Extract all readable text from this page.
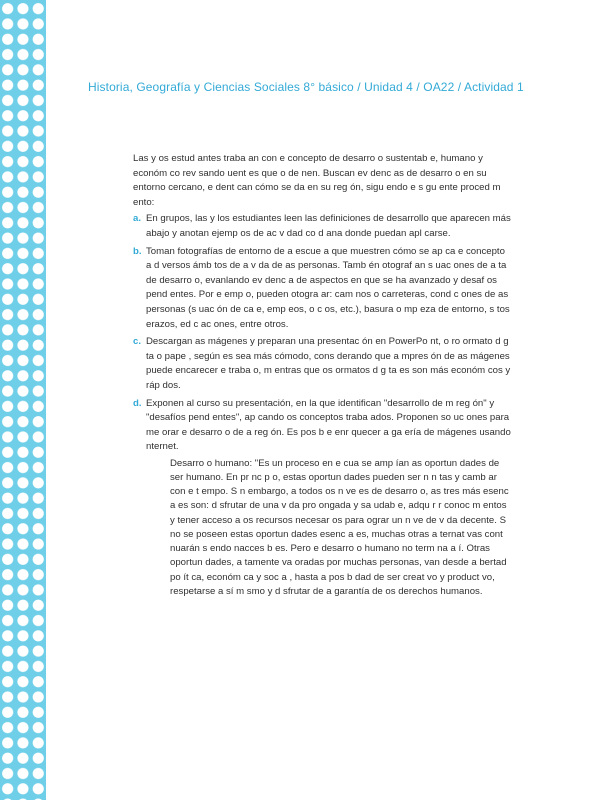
Historia, Geografía y Ciencias Sociales 8° básico / Unidad 4 / OA22 / Actividad 1

Las y os estud antes traba an con e concepto de desarro o sustentab e, humano y económ co rev sando uent es que o de nen. Buscan ev denc as de desarro o en su entorno cercano, e dent can cómo se da en su reg ón, sigu endo e s gu ente proced m ento:

a. En grupos, las y los estudiantes leen las definiciones de desarrollo que aparecen más abajo y anotan ejemp os de ac v dad co d ana donde puedan apl carse.
b. Toman fotografías de entorno de a escue a que muestren cómo se ap ca e concepto a d versos ámb tos de a v da de as personas. Tamb én otograf an s uac ones de a ta de desarro o, evanlando ev denc a de aspectos en que se ha avanzado y desaf os pend entes. Por e emp o, pueden otogra ar: cam nos o carreteras, cond c ones de as personas (s uac ón de ca e, emp eos, o c os, etc.), basura o mp eza de entorno, s tos erazos, ed c ac ones, entre otros.
c. Descargan as mágenes y preparan una presentac ón en PowerPo nt, o ro ormato d g ta o pape , según es sea más cómodo, cons derando que a mpres ón de as mágenes puede encarecer e traba o, m entras que os ormatos d g ta es son más económ cos y ráp dos.
d. Exponen al curso su presentación, en la que identifican "desarrollo de m reg ón" y "desafíos pend entes", ap cando os conceptos traba ados. Proponen so uc ones para me orar e desarro o de a reg ón. Es pos b e enr quecer a ga ería de mágenes usando nternet.
Desarro o humano: "Es un proceso en e cua se amp ían as oportun dades de ser humano. En pr nc p o, estas oportun dades pueden ser n n tas y camb ar con e t empo. S n embargo, a todos os n ve es de desarro o, as tres más esenc a es son: d sfrutar de una v da pro ongada y sa udab e, adqu r r conoc m entos y tener acceso a os recursos necesar os para ograr un n ve de v da decente. S no se poseen estas oportun dades esenc a es, muchas otras a ternat vas cont nuarán s endo nacces b es. Pero e desarro o humano no term na a í. Otras oportun dades, a tamente va oradas por muchas personas, van desde a bertad po ít ca, económ ca y soc a , hasta a pos b dad de ser creat vo y product vo, respetarse a sí m smo y d sfrutar de a garantía de os derechos humanos.
